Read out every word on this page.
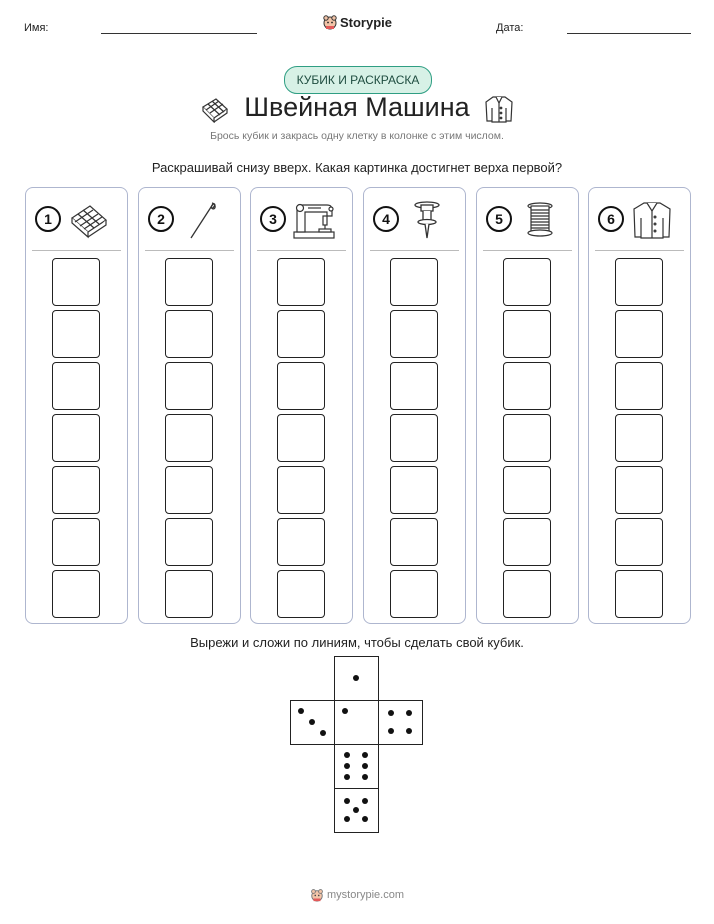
Имя:	Storypie	Дата:
КУБИК И РАСКРАСКА
Швейная Машина
Брось кубик и закрась одну клетку в колонке с этим числом.
Раскрашивай снизу вверх. Какая картинка достигнет верха первой?
1	2	3	4	5	6
Вырежи и сложи по линиям, чтобы сделать свой кубик.
mystorypie.com
